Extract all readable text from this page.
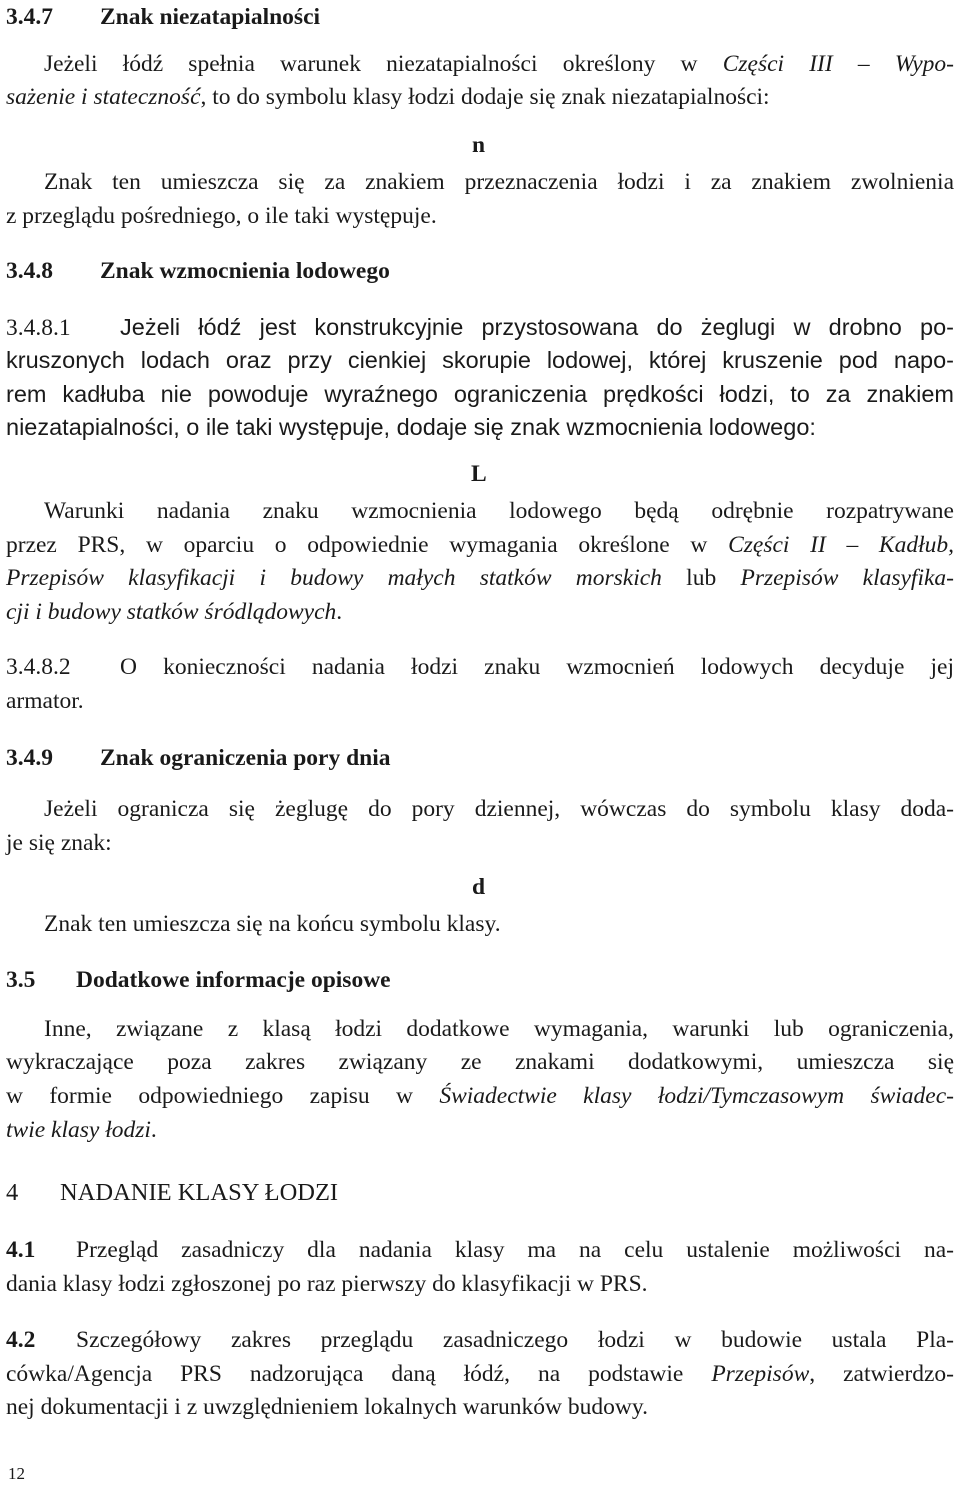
3.4.7 Znak niezatapialności
Jeżeli łódź spełnia warunek niezatapialności określony w Części III – Wypo-
sażenie i stateczność, to do symbolu klasy łodzi dodaje się znak niezatapialności:
n
Znak ten umieszcza się za znakiem przeznaczenia łodzi i za znakiem zwolnienia
z przeglądu pośredniego, o ile taki występuje.
3.4.8 Znak wzmocnienia lodowego
3.4.8.1 Jeżeli łódź jest konstrukcyjnie przystosowana do żeglugi w drobno po-
kruszonych lodach oraz przy cienkiej skorupie lodowej, której kruszenie pod napo-
rem kadłuba nie powoduje wyraźnego ograniczenia prędkości łodzi, to za znakiem
niezatapialności, o ile taki występuje, dodaje się znak wzmocnienia lodowego:
L
Warunki nadania znaku wzmocnienia lodowego będą odrębnie rozpatrywane
przez PRS, w oparciu o odpowiednie wymagania określone w Części II – Kadłub,
Przepisów klasyfikacji i budowy małych statków morskich lub Przepisów klasyfika-
cji i budowy statków śródlądowych.
3.4.8.2 O konieczności nadania łodzi znaku wzmocnień lodowych decyduje jej
armator.
3.4.9 Znak ograniczenia pory dnia
Jeżeli ogranicza się żeglugę do pory dziennej, wówczas do symbolu klasy doda-
je się znak:
d
Znak ten umieszcza się na końcu symbolu klasy.
3.5 Dodatkowe informacje opisowe
Inne, związane z klasą łodzi dodatkowe wymagania, warunki lub ograniczenia,
wykraczające poza zakres związany ze znakami dodatkowymi, umieszcza się
w formie odpowiedniego zapisu w Świadectwie klasy łodzi/Tymczasowym świadec-
twie klasy łodzi.
4 NADANIE KLASY ŁODZI
4.1 Przegląd zasadniczy dla nadania klasy ma na celu ustalenie możliwości na-
dania klasy łodzi zgłoszonej po raz pierwszy do klasyfikacji w PRS.
4.2 Szczegółowy zakres przeglądu zasadniczego łodzi w budowie ustala Pla-
cówka/Agencja PRS nadzorująca daną łódź, na podstawie Przepisów, zatwierdzo-
nej dokumentacji i z uwzględnieniem lokalnych warunków budowy.
12
